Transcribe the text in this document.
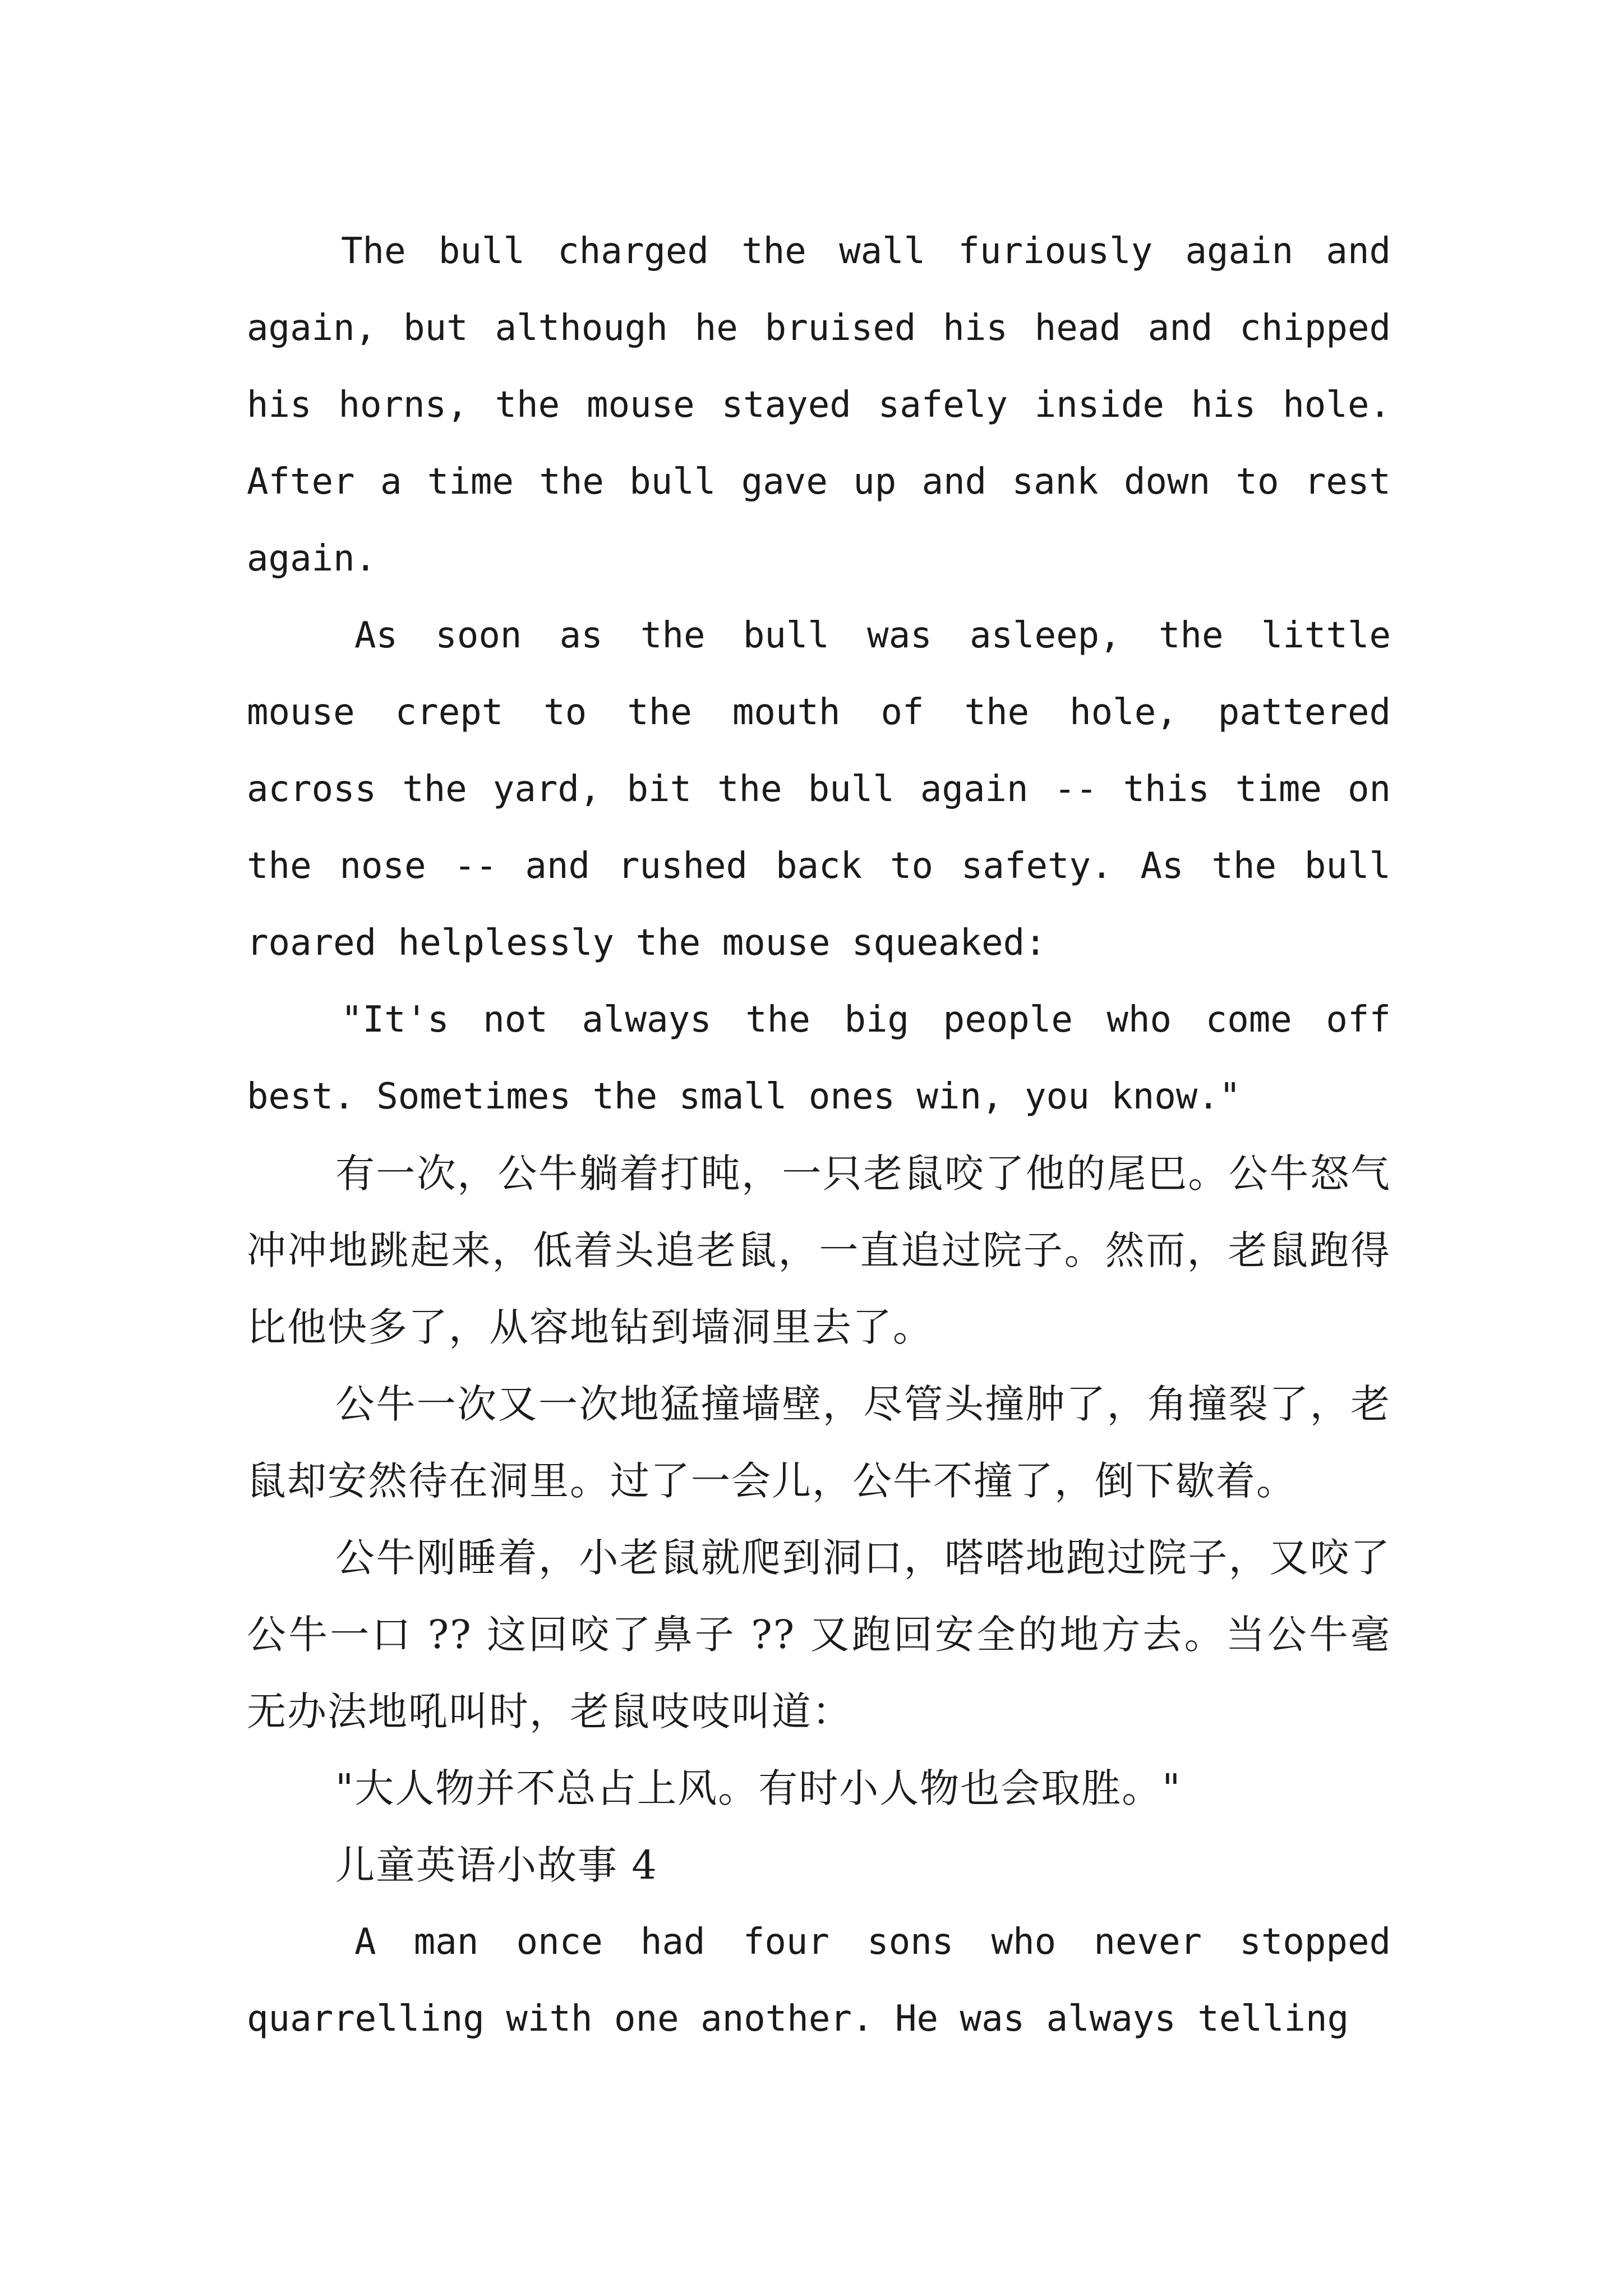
The bull charged the wall furiously again and again, but although he bruised his head and chipped his horns, the mouse stayed safely inside his hole. After a time the bull gave up and sank down to rest again.

As soon as the bull was asleep, the little mouse crept to the mouth of the hole, pattered across the yard, bit the bull again -- this time on the nose -- and rushed back to safety. As the bull roared helplessly the mouse squeaked:

"It's not always the big people who come off best. Sometimes the small ones win, you know."

有一次，公牛躺着打盹，一只老鼠咬了他的尾巴。公牛怒气冲冲地跳起来，低着头追老鼠，一直追过院子。然而，老鼠跑得比他快多了，从容地钻到墙洞里去了。

公牛一次又一次地猛撞墙壁，尽管头撞肿了，角撞裂了，老鼠却安然待在洞里。过了一会儿，公牛不撞了，倒下歇着。

公牛刚睡着，小老鼠就爬到洞口，嗒嗒地跑过院子，又咬了公牛一口 ?? 这回咬了鼻子 ?? 又跑回安全的地方去。当公牛毫无办法地吼叫时，老鼠吱吱叫道：

"大人物并不总占上风。有时小人物也会取胜。"

儿童英语小故事 4

A man once had four sons who never stopped quarrelling with one another. He was always telling
